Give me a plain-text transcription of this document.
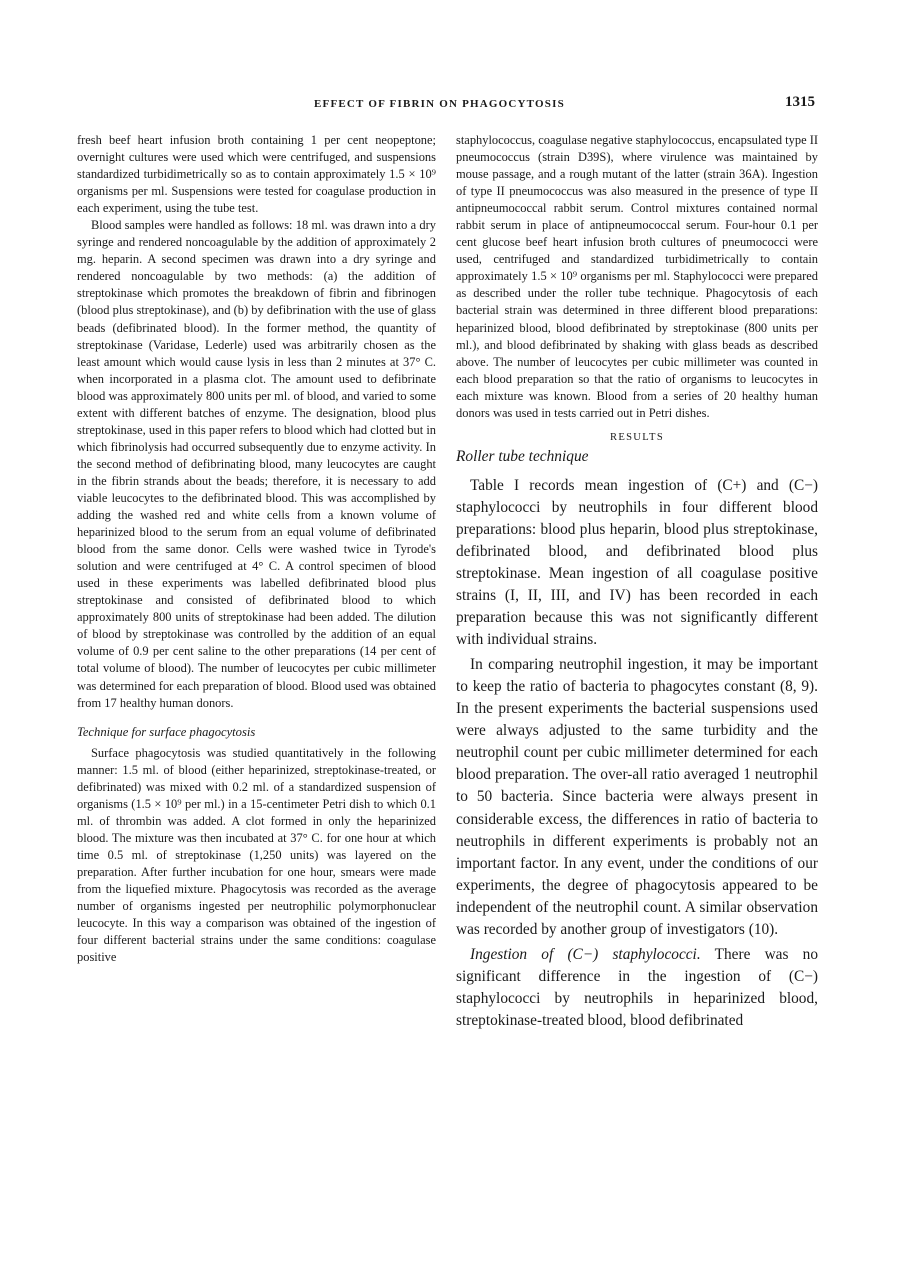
EFFECT OF FIBRIN ON PHAGOCYTOSIS	1315

fresh beef heart infusion broth containing 1 per cent neopeptone; overnight cultures were used which were centrifuged, and suspensions standardized turbidimetrically so as to contain approximately 1.5 × 10⁹ organisms per ml. Suspensions were tested for coagulase production in each experiment, using the tube test.

Blood samples were handled as follows: 18 ml. was drawn into a dry syringe and rendered noncoagulable by the addition of approximately 2 mg. heparin. A second specimen was drawn into a dry syringe and rendered noncoagulable by two methods: (a) the addition of streptokinase which promotes the breakdown of fibrin and fibrinogen (blood plus streptokinase), and (b) by defibrination with the use of glass beads (defibrinated blood). In the former method, the quantity of streptokinase (Varidase, Lederle) used was arbitrarily chosen as the least amount which would cause lysis in less than 2 minutes at 37° C. when incorporated in a plasma clot. The amount used to defibrinate blood was approximately 800 units per ml. of blood, and varied to some extent with different batches of enzyme. The designation, blood plus streptokinase, used in this paper refers to blood which had clotted but in which fibrinolysis had occurred subsequently due to enzyme activity. In the second method of defibrinating blood, many leucocytes are caught in the fibrin strands about the beads; therefore, it is necessary to add viable leucocytes to the defibrinated blood. This was accomplished by adding the washed red and white cells from a known volume of heparinized blood to the serum from an equal volume of defibrinated blood from the same donor. Cells were washed twice in Tyrode's solution and were centrifuged at 4° C. A control specimen of blood used in these experiments was labelled defibrinated blood plus streptokinase and consisted of defibrinated blood to which approximately 800 units of streptokinase had been added. The dilution of blood by streptokinase was controlled by the addition of an equal volume of 0.9 per cent saline to the other preparations (14 per cent of total volume of blood). The number of leucocytes per cubic millimeter was determined for each preparation of blood. Blood used was obtained from 17 healthy human donors.

Technique for surface phagocytosis

Surface phagocytosis was studied quantitatively in the following manner: 1.5 ml. of blood (either heparinized, streptokinase-treated, or defibrinated) was mixed with 0.2 ml. of a standardized suspension of organisms (1.5 × 10⁹ per ml.) in a 15-centimeter Petri dish to which 0.1 ml. of thrombin was added. A clot formed in only the heparinized blood. The mixture was then incubated at 37° C. for one hour at which time 0.5 ml. of streptokinase (1,250 units) was layered on the preparation. After further incubation for one hour, smears were made from the liquefied mixture. Phagocytosis was recorded as the average number of organisms ingested per neutrophilic polymorphonuclear leucocyte. In this way a comparison was obtained of the ingestion of four different bacterial strains under the same conditions: coagulase positive

staphylococcus, coagulase negative staphylococcus, encapsulated type II pneumococcus (strain D39S), where virulence was maintained by mouse passage, and a rough mutant of the latter (strain 36A). Ingestion of type II pneumococcus was also measured in the presence of type II antipneumococcal rabbit serum. Control mixtures contained normal rabbit serum in place of antipneumococcal serum. Four-hour 0.1 per cent glucose beef heart infusion broth cultures of pneumococci were used, centrifuged and standardized turbidimetrically to contain approximately 1.5 × 10⁹ organisms per ml. Staphylococci were prepared as described under the roller tube technique. Phagocytosis of each bacterial strain was determined in three different blood preparations: heparinized blood, blood defibrinated by streptokinase (800 units per ml.), and blood defibrinated by shaking with glass beads as described above. The number of leucocytes per cubic millimeter was counted in each blood preparation so that the ratio of organisms to leucocytes in each mixture was known. Blood from a series of 20 healthy human donors was used in tests carried out in Petri dishes.

RESULTS
Roller tube technique

Table I records mean ingestion of (C+) and (C−) staphylococci by neutrophils in four different blood preparations: blood plus heparin, blood plus streptokinase, defibrinated blood, and defibrinated blood plus streptokinase. Mean ingestion of all coagulase positive strains (I, II, III, and IV) has been recorded in each preparation because this was not significantly different with individual strains.

In comparing neutrophil ingestion, it may be important to keep the ratio of bacteria to phagocytes constant (8, 9). In the present experiments the bacterial suspensions used were always adjusted to the same turbidity and the neutrophil count per cubic millimeter determined for each blood preparation. The over-all ratio averaged 1 neutrophil to 50 bacteria. Since bacteria were always present in considerable excess, the differences in ratio of bacteria to neutrophils in different experiments is probably not an important factor. In any event, under the conditions of our experiments, the degree of phagocytosis appeared to be independent of the neutrophil count. A similar observation was recorded by another group of investigators (10).

Ingestion of (C−) staphylococci. There was no significant difference in the ingestion of (C−) staphylococci by neutrophils in heparinized blood, streptokinase-treated blood, blood defibrinated
